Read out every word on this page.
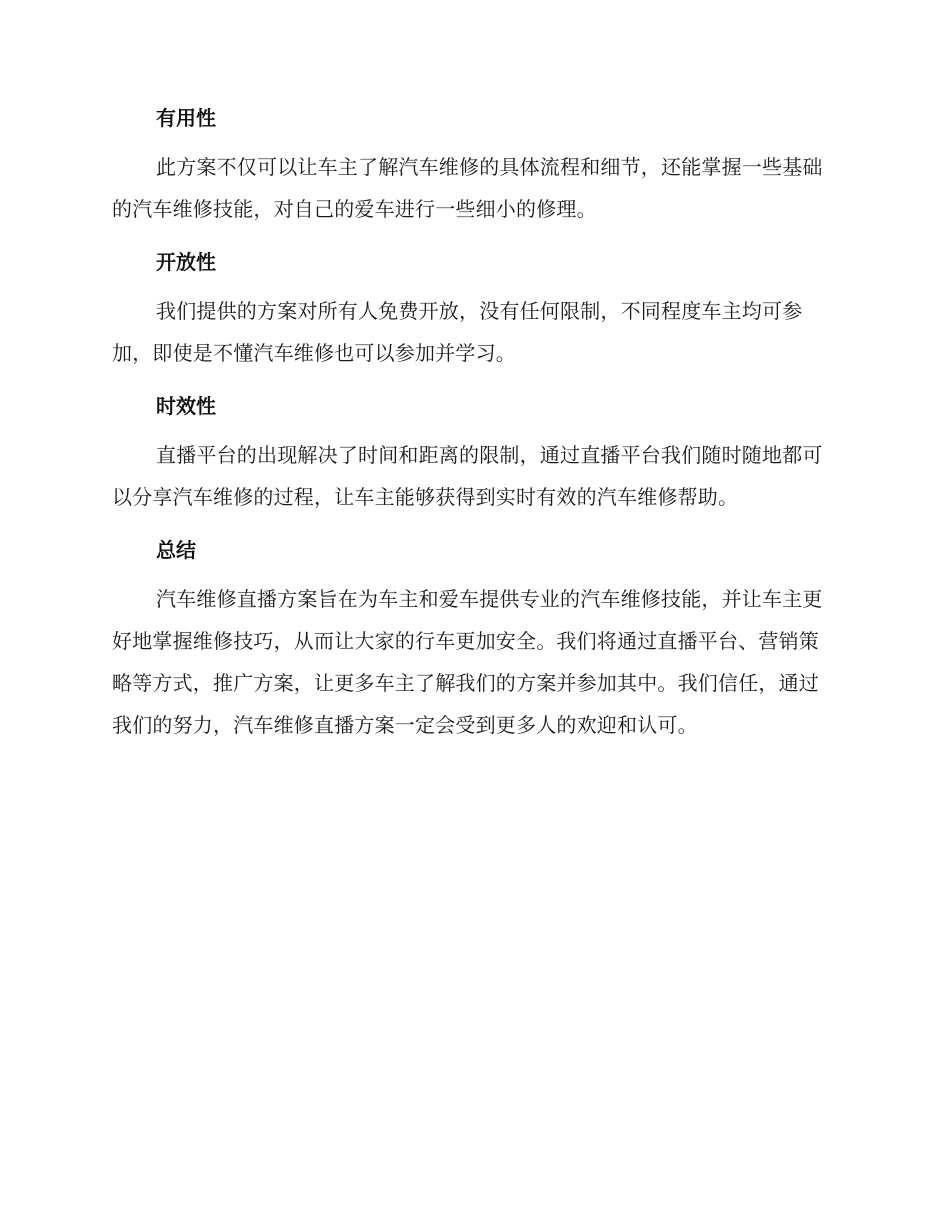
有用性

此方案不仅可以让车主了解汽车维修的具体流程和细节，还能掌握一些基础的汽车维修技能，对自己的爱车进行一些细小的修理。

开放性

我们提供的方案对所有人免费开放，没有任何限制，不同程度车主均可参加，即使是不懂汽车维修也可以参加并学习。

时效性

直播平台的出现解决了时间和距离的限制，通过直播平台我们随时随地都可以分享汽车维修的过程，让车主能够获得到实时有效的汽车维修帮助。

总结

汽车维修直播方案旨在为车主和爱车提供专业的汽车维修技能，并让车主更好地掌握维修技巧，从而让大家的行车更加安全。我们将通过直播平台、营销策略等方式，推广方案，让更多车主了解我们的方案并参加其中。我们信任，通过我们的努力，汽车维修直播方案一定会受到更多人的欢迎和认可。
